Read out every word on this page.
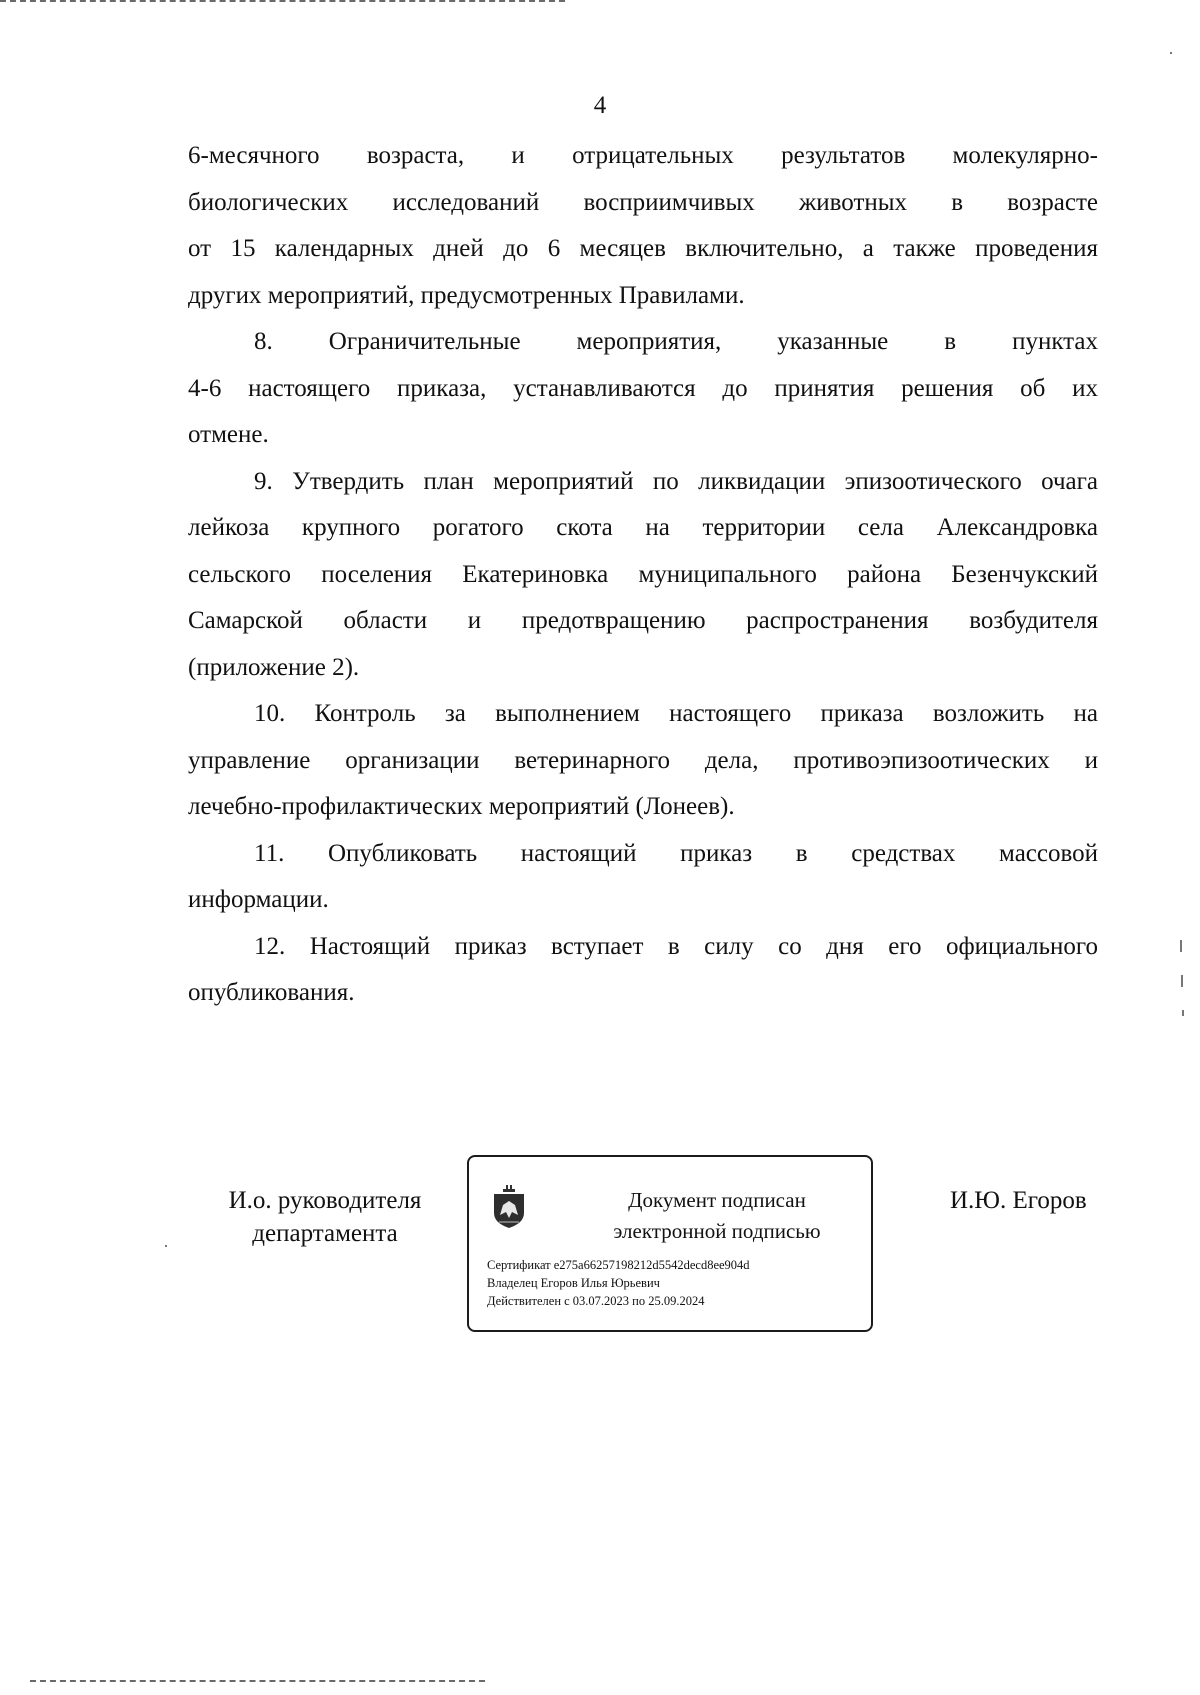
4

6-месячного возраста, и отрицательных результатов молекулярно-

биологических исследований восприимчивых животных в возрасте

от 15 календарных дней до 6 месяцев включительно, а также проведения

других мероприятий, предусмотренных Правилами.

8. Ограничительные мероприятия, указанные в пунктах

4-6 настоящего приказа, устанавливаются до принятия решения об их

отмене.

9. Утвердить план мероприятий по ликвидации эпизоотического очага

лейкоза крупного рогатого скота на территории села Александровка

сельского поселения Екатериновка муниципального района Безенчукский

Самарской области и предотвращению распространения возбудителя

(приложение 2).

10. Контроль за выполнением настоящего приказа возложить на

управление организации ветеринарного дела, противоэпизоотических и

лечебно-профилактических мероприятий (Лонеев).

11. Опубликовать настоящий приказ в средствах массовой

информации.

12. Настоящий приказ вступает в силу со дня его официального

опубликования.

И.о. руководителя
департамента
Документ подписан
электронной подписью
Сертификат e275a66257198212d5542decd8ee904d
Владелец Егоров Илья Юрьевич
Действителен с 03.07.2023 по 25.09.2024
И.Ю. Егоров
